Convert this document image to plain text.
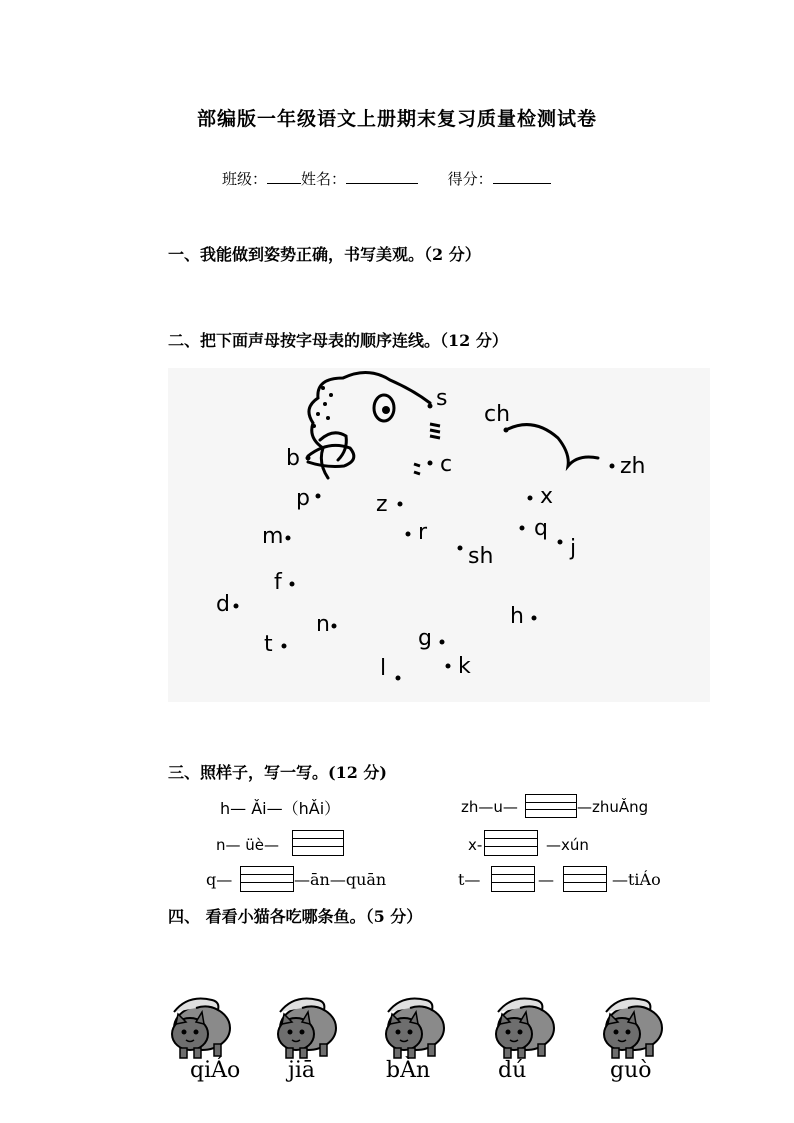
部编版一年级语文上册期末复习质量检测试卷
班级： 姓名：	得分：
一、我能做到姿势正确，书写美观。（2 分）
二、把下面声母按字母表的顺序连线。（12 分）
s
ch
b	c	zh
p	z	x
r	q
m	j
sh
f
d	h
n
g
t
l	k
三、照样子，写一写。(12 分)
h— Ǎi—（hǍi）	zh—u—	—zhuǍng
n— üè—	x-	—xún
q—	—ān—quān	t—	—	—tiÁo
四、 看看小猫各吃哪条鱼。（5 分）
qiÁo jiā	bÀn	dú	guò
